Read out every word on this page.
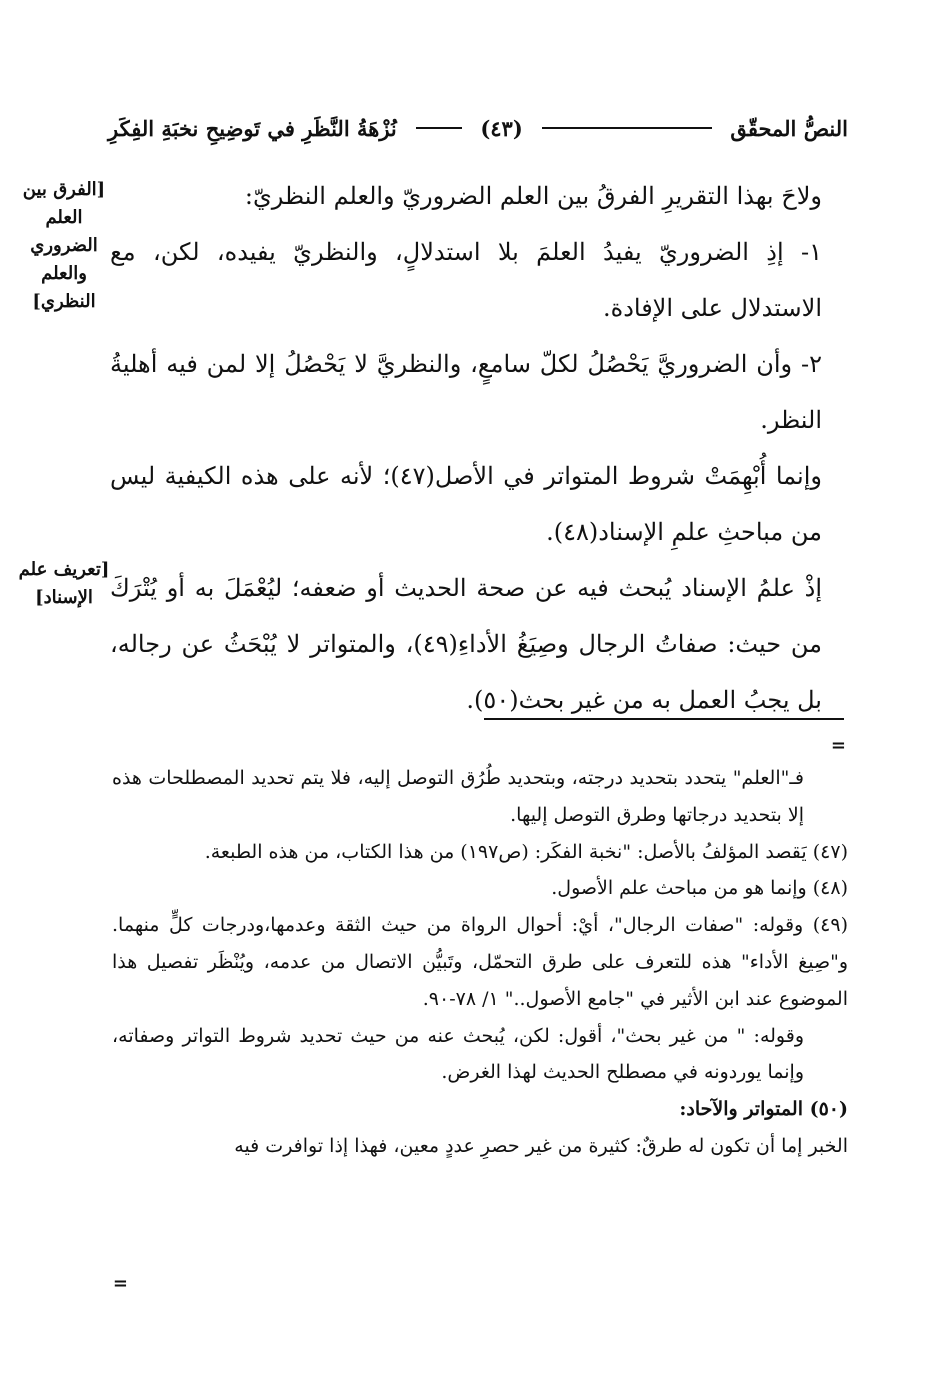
النصُّ المحقّق
(٤٣)
نُزْهَةُ النَّظَرِ في تَوضِيحِ نخبَةِ الفِكَرِ
[الفرق بين العلم الضروري والعلم النظري]
[تعريف علم الإسناد]

ولاحَ بهذا التقريرِ الفرقُ بين العلم الضروريّ والعلم النظريّ:

١- إذِ الضروريّ يفيدُ العلمَ بلا استدلالٍ، والنظريّ يفيده، لكن، مع الاستدلال على الإفادة.

٢- وأن الضروريَّ يَحْصُلُ لكلّ سامعٍ، والنظريَّ لا يَحْصُلُ إلا لمن فيه أهليةُ النظر.

وإنما أُبْهِمَتْ شروط المتواتر في الأصل(٤٧)؛ لأنه على هذه الكيفية ليس من مباحثِ علمِ الإسناد(٤٨).

إذْ علمُ الإسناد يُبحث فيه عن صحة الحديث أو ضعفه؛ ليُعْمَلَ به أو يُتْرَكَ من حيث: صفاتُ الرجال وصِيَغُ الأداءِ(٤٩)، والمتواتر لا يُبْحَثُ عن رجاله، بل يجبُ العمل به من غير بحث(٥٠).

=

فـ"العلم" يتحدد بتحديد درجته، وبتحديد طُرُق التوصل إليه، فلا يتم تحديد المصطلحات هذه إلا بتحديد درجاتها وطرق التوصل إليها.

(٤٧) يَقصد المؤلفُ بالأصل: "نخبة الفكَر: (ص١٩٧) من هذا الكتاب، من هذه الطبعة.

(٤٨) وإنما هو من مباحث علم الأصول.

(٤٩) وقوله: "صفات الرجال"، أيْ: أحوال الرواة من حيث الثقة وعدمها،ودرجات كلٍّ منهما. و"صِيغ الأداء" هذه للتعرف على طرق التحمّل، وتَبيُّن الاتصال من عدمه، ويُنْظَر تفصيل هذا الموضوع عند ابن الأثير في "جامع الأصول.." ١/ ٧٨-٩٠.

وقوله: " من غير بحث"، أقول: لكن، يُبحث عنه من حيث تحديد شروط التواتر وصفاته، وإنما يوردونه في مصطلح الحديث لهذا الغرض.

(٥٠) المتواتر والآحاد:

الخبر إما أن تكون له طرقٌ: كثيرة من غير حصرِ عددٍ معين، فهذا إذا توافرت فيه

=
